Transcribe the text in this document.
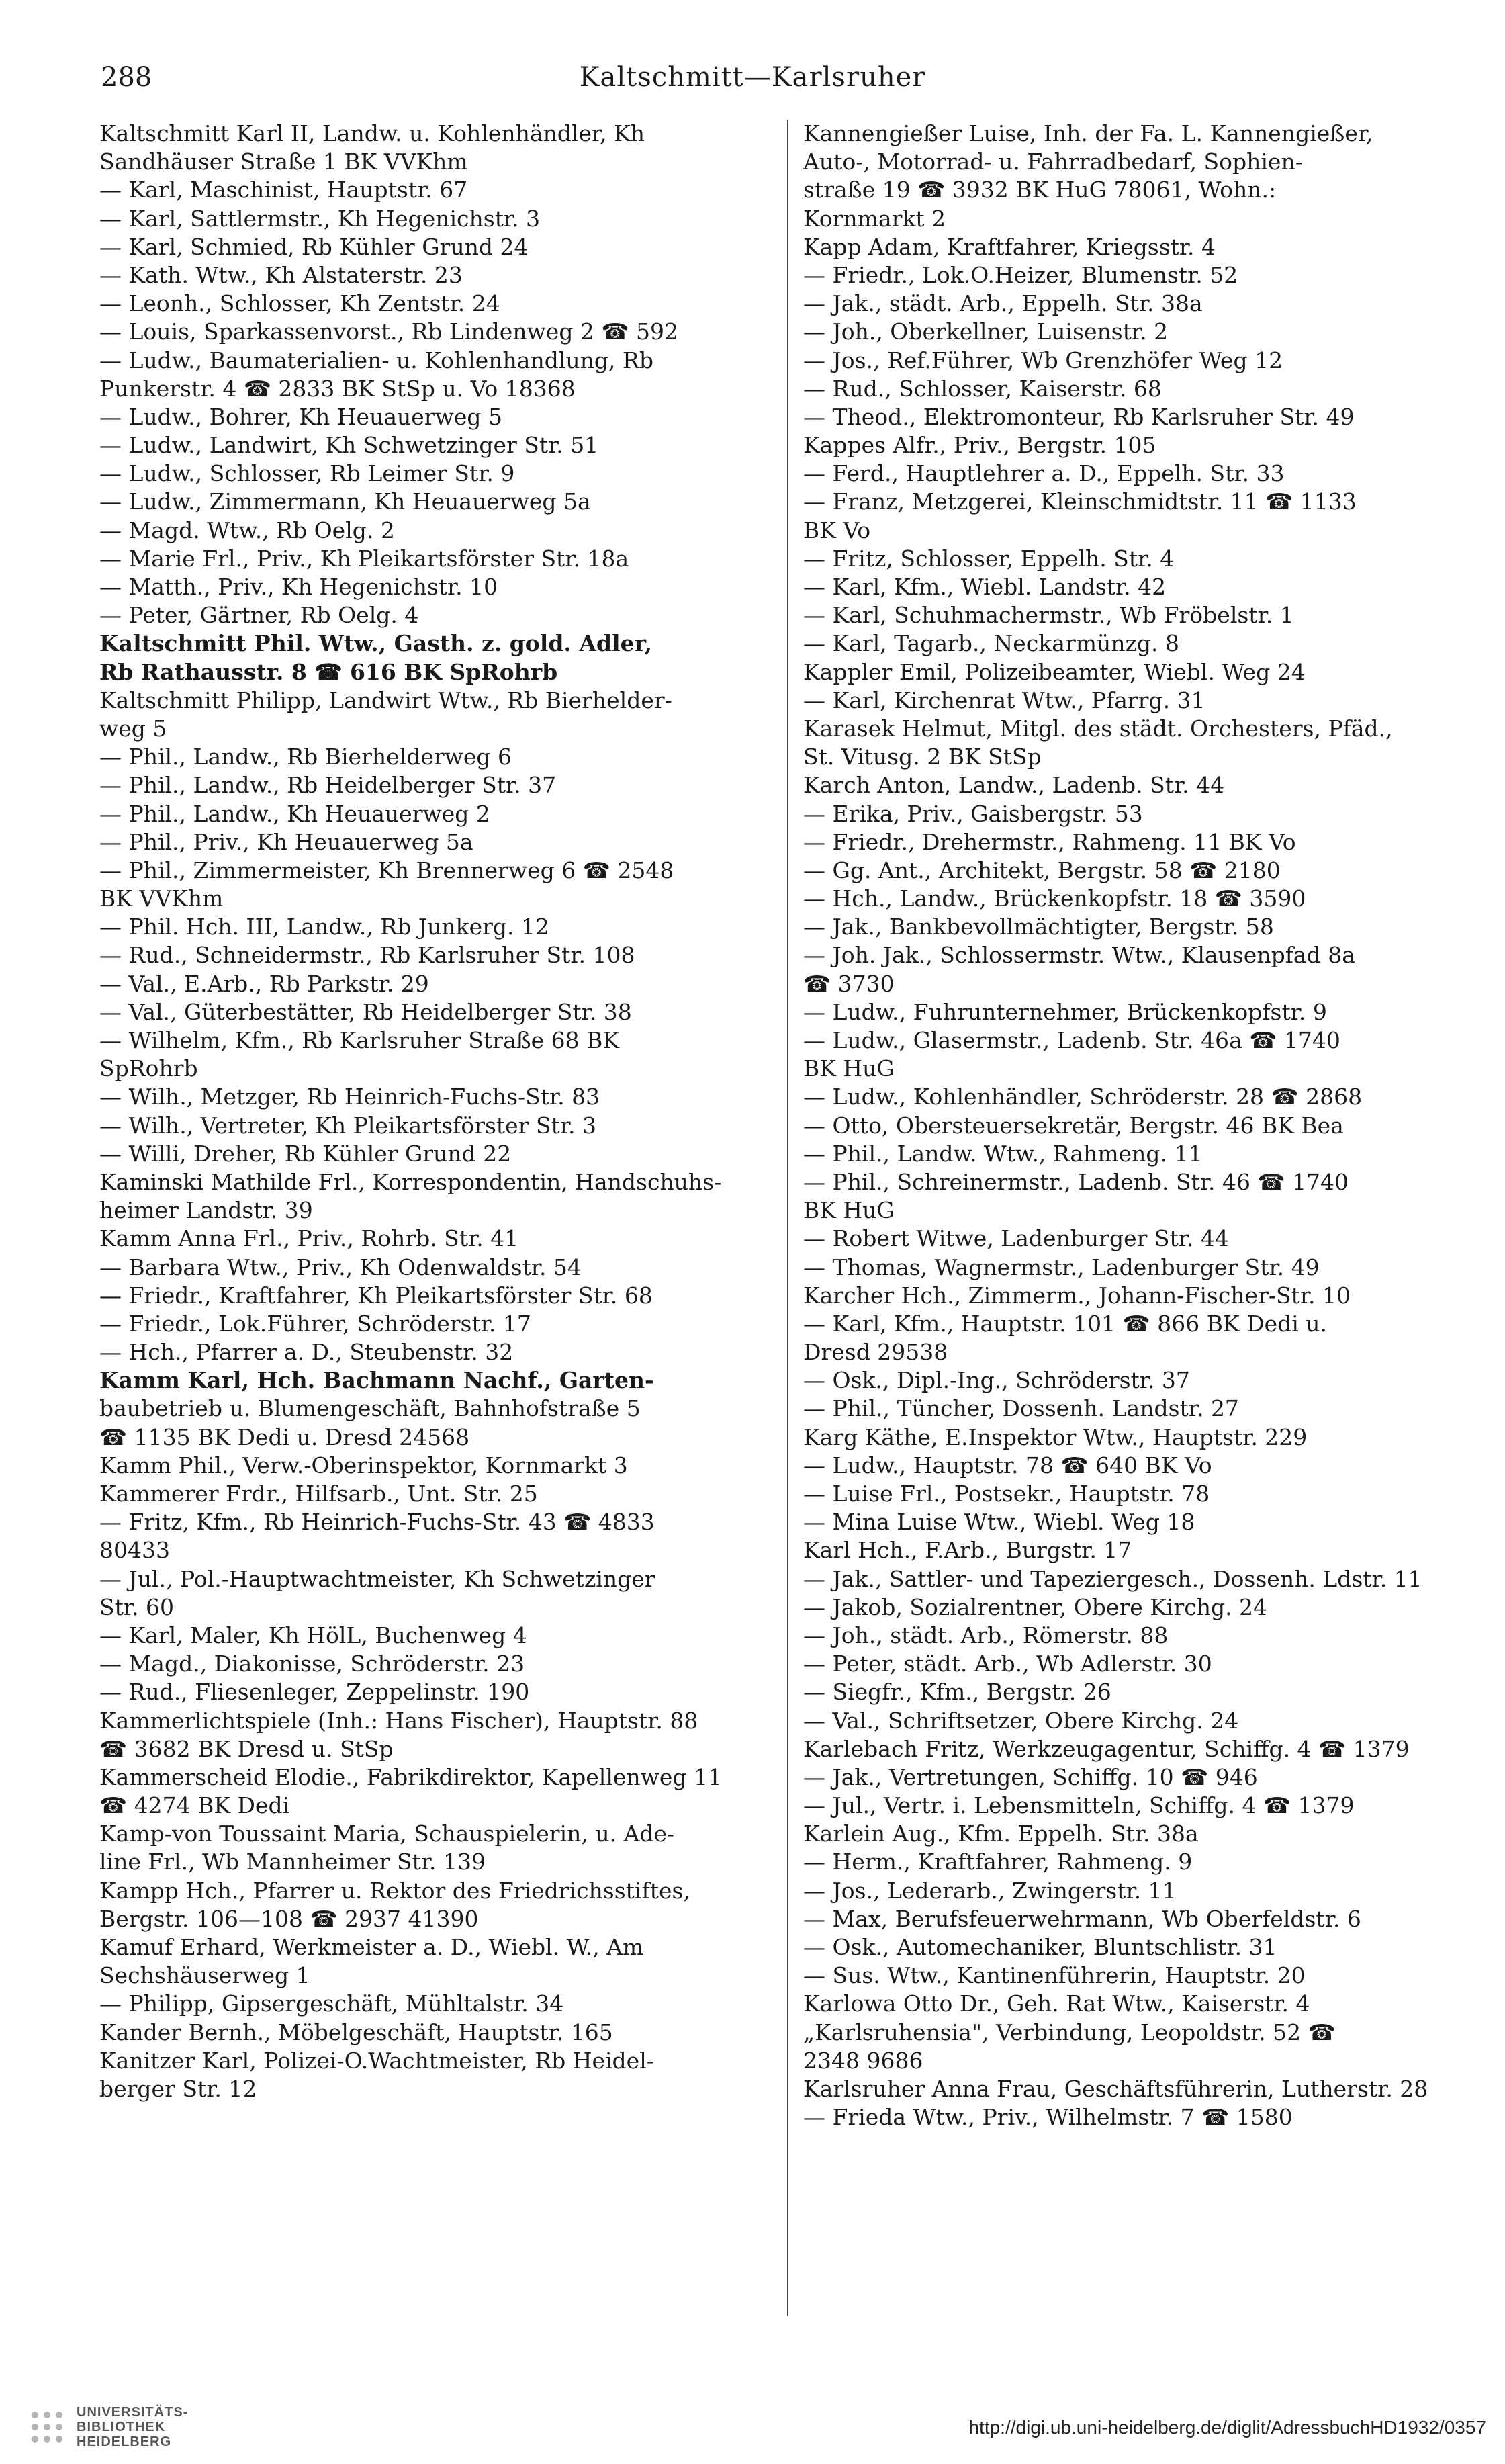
288	Kaltschmitt—Karlsruher
Kaltschmitt Karl II, Landw. u. Kohlenhändler, Kh
Sandhäuser Straße 1 BK VVKhm
— Karl, Maschinist, Hauptstr. 67
— Karl, Sattlermstr., Kh Hegenichstr. 3
— Karl, Schmied, Rb Kühler Grund 24
— Kath. Wtw., Kh Alstaterstr. 23
— Leonh., Schlosser, Kh Zentstr. 24
— Louis, Sparkassenvorst., Rb Lindenweg 2 ☎ 592
— Ludw., Baumaterialien- u. Kohlenhandlung, Rb
Punkerstr. 4 ☎ 2833 BK StSp u. Vo 18368
— Ludw., Bohrer, Kh Heuauerweg 5
— Ludw., Landwirt, Kh Schwetzinger Str. 51
— Ludw., Schlosser, Rb Leimer Str. 9
— Ludw., Zimmermann, Kh Heuauerweg 5a
— Magd. Wtw., Rb Oelg. 2
— Marie Frl., Priv., Kh Pleikartsförster Str. 18a
— Matth., Priv., Kh Hegenichstr. 10
— Peter, Gärtner, Rb Oelg. 4
Kaltschmitt Phil. Wtw., Gasth. z. gold. Adler,
Rb Rathausstr. 8 ☎ 616 BK SpRohrb
Kaltschmitt Philipp, Landwirt Wtw., Rb Bierhelder-
weg 5
— Phil., Landw., Rb Bierhelderweg 6
— Phil., Landw., Rb Heidelberger Str. 37
— Phil., Landw., Kh Heuauerweg 2
— Phil., Priv., Kh Heuauerweg 5a
— Phil., Zimmermeister, Kh Brennerweg 6 ☎ 2548
BK VVKhm
— Phil. Hch. III, Landw., Rb Junkerg. 12
— Rud., Schneidermstr., Rb Karlsruher Str. 108
— Val., E.Arb., Rb Parkstr. 29
— Val., Güterbestätter, Rb Heidelberger Str. 38
— Wilhelm, Kfm., Rb Karlsruher Straße 68 BK
SpRohrb
— Wilh., Metzger, Rb Heinrich-Fuchs-Str. 83
— Wilh., Vertreter, Kh Pleikartsförster Str. 3
— Willi, Dreher, Rb Kühler Grund 22
Kaminski Mathilde Frl., Korrespondentin, Handschuhs-
heimer Landstr. 39
Kamm Anna Frl., Priv., Rohrb. Str. 41
— Barbara Wtw., Priv., Kh Odenwaldstr. 54
— Friedr., Kraftfahrer, Kh Pleikartsförster Str. 68
— Friedr., Lok.Führer, Schröderstr. 17
— Hch., Pfarrer a. D., Steubenstr. 32
Kamm Karl, Hch. Bachmann Nachf., Garten-
baubetrieb u. Blumengeschäft, Bahnhofstraße 5
☎ 1135 BK Dedi u. Dresd 24568
Kamm Phil., Verw.-Oberinspektor, Kornmarkt 3
Kammerer Frdr., Hilfsarb., Unt. Str. 25
— Fritz, Kfm., Rb Heinrich-Fuchs-Str. 43 ☎ 4833
80433
— Jul., Pol.-Hauptwachtmeister, Kh Schwetzinger
Str. 60
— Karl, Maler, Kh HölL, Buchenweg 4
— Magd., Diakonisse, Schröderstr. 23
— Rud., Fliesenleger, Zeppelinstr. 190
Kammerlichtspiele (Inh.: Hans Fischer), Hauptstr. 88
☎ 3682 BK Dresd u. StSp
Kammerscheid Elodie., Fabrikdirektor, Kapellenweg 11
☎ 4274 BK Dedi
Kamp-von Toussaint Maria, Schauspielerin, u. Ade-
line Frl., Wb Mannheimer Str. 139
Kampp Hch., Pfarrer u. Rektor des Friedrichsstiftes,
Bergstr. 106—108 ☎ 2937 41390
Kamuf Erhard, Werkmeister a. D., Wiebl. W., Am
Sechshäuserweg 1
— Philipp, Gipsergeschäft, Mühltalstr. 34
Kander Bernh., Möbelgeschäft, Hauptstr. 165
Kanitzer Karl, Polizei-O.Wachtmeister, Rb Heidel-
berger Str. 12
Kannengießer Luise, Inh. der Fa. L. Kannengießer,
Auto-, Motorrad- u. Fahrradbedarf, Sophien-
straße 19 ☎ 3932 BK HuG 78061, Wohn.:
Kornmarkt 2
Kapp Adam, Kraftfahrer, Kriegsstr. 4
— Friedr., Lok.O.Heizer, Blumenstr. 52
— Jak., städt. Arb., Eppelh. Str. 38a
— Joh., Oberkellner, Luisenstr. 2
— Jos., Ref.Führer, Wb Grenzhöfer Weg 12
— Rud., Schlosser, Kaiserstr. 68
— Theod., Elektromonteur, Rb Karlsruher Str. 49
Kappes Alfr., Priv., Bergstr. 105
— Ferd., Hauptlehrer a. D., Eppelh. Str. 33
— Franz, Metzgerei, Kleinschmidtstr. 11 ☎ 1133
BK Vo
— Fritz, Schlosser, Eppelh. Str. 4
— Karl, Kfm., Wiebl. Landstr. 42
— Karl, Schuhmachermstr., Wb Fröbelstr. 1
— Karl, Tagarb., Neckarmünzg. 8
Kappler Emil, Polizeibeamter, Wiebl. Weg 24
— Karl, Kirchenrat Wtw., Pfarrg. 31
Karasek Helmut, Mitgl. des städt. Orchesters, Pfäd.,
St. Vitusg. 2 BK StSp
Karch Anton, Landw., Ladenb. Str. 44
— Erika, Priv., Gaisbergstr. 53
— Friedr., Drehermstr., Rahmeng. 11 BK Vo
— Gg. Ant., Architekt, Bergstr. 58 ☎ 2180
— Hch., Landw., Brückenkopfstr. 18 ☎ 3590
— Jak., Bankbevollmächtigter, Bergstr. 58
— Joh. Jak., Schlossermstr. Wtw., Klausenpfad 8a
☎ 3730
— Ludw., Fuhrunternehmer, Brückenkopfstr. 9
— Ludw., Glasermstr., Ladenb. Str. 46a ☎ 1740
BK HuG
— Ludw., Kohlenhändler, Schröderstr. 28 ☎ 2868
— Otto, Obersteuersekretär, Bergstr. 46 BK Bea
— Phil., Landw. Wtw., Rahmeng. 11
— Phil., Schreinermstr., Ladenb. Str. 46 ☎ 1740
BK HuG
— Robert Witwe, Ladenburger Str. 44
— Thomas, Wagnermstr., Ladenburger Str. 49
Karcher Hch., Zimmerm., Johann-Fischer-Str. 10
— Karl, Kfm., Hauptstr. 101 ☎ 866 BK Dedi u.
Dresd 29538
— Osk., Dipl.-Ing., Schröderstr. 37
— Phil., Tüncher, Dossenh. Landstr. 27
Karg Käthe, E.Inspektor Wtw., Hauptstr. 229
— Ludw., Hauptstr. 78 ☎ 640 BK Vo
— Luise Frl., Postsekr., Hauptstr. 78
— Mina Luise Wtw., Wiebl. Weg 18
Karl Hch., F.Arb., Burgstr. 17
— Jak., Sattler- und Tapeziergesch., Dossenh. Ldstr. 11
— Jakob, Sozialrentner, Obere Kirchg. 24
— Joh., städt. Arb., Römerstr. 88
— Peter, städt. Arb., Wb Adlerstr. 30
— Siegfr., Kfm., Bergstr. 26
— Val., Schriftsetzer, Obere Kirchg. 24
Karlebach Fritz, Werkzeugagentur, Schiffg. 4 ☎ 1379
— Jak., Vertretungen, Schiffg. 10 ☎ 946
— Jul., Vertr. i. Lebensmitteln, Schiffg. 4 ☎ 1379
Karlein Aug., Kfm. Eppelh. Str. 38a
— Herm., Kraftfahrer, Rahmeng. 9
— Jos., Lederarb., Zwingerstr. 11
— Max, Berufsfeuerwehrmann, Wb Oberfeldstr. 6
— Osk., Automechaniker, Bluntschlistr. 31
— Sus. Wtw., Kantinenführerin, Hauptstr. 20
Karlowa Otto Dr., Geh. Rat Wtw., Kaiserstr. 4
„Karlsruhensia", Verbindung, Leopoldstr. 52 ☎
2348 9686
Karlsruher Anna Frau, Geschäftsführerin, Lutherstr. 28
— Frieda Wtw., Priv., Wilhelmstr. 7 ☎ 1580
UNIVERSITÄTS-
BIBLIOTHEK
HEIDELBERG
http://digi.ub.uni-heidelberg.de/diglit/AdressbuchHD1932/0357
